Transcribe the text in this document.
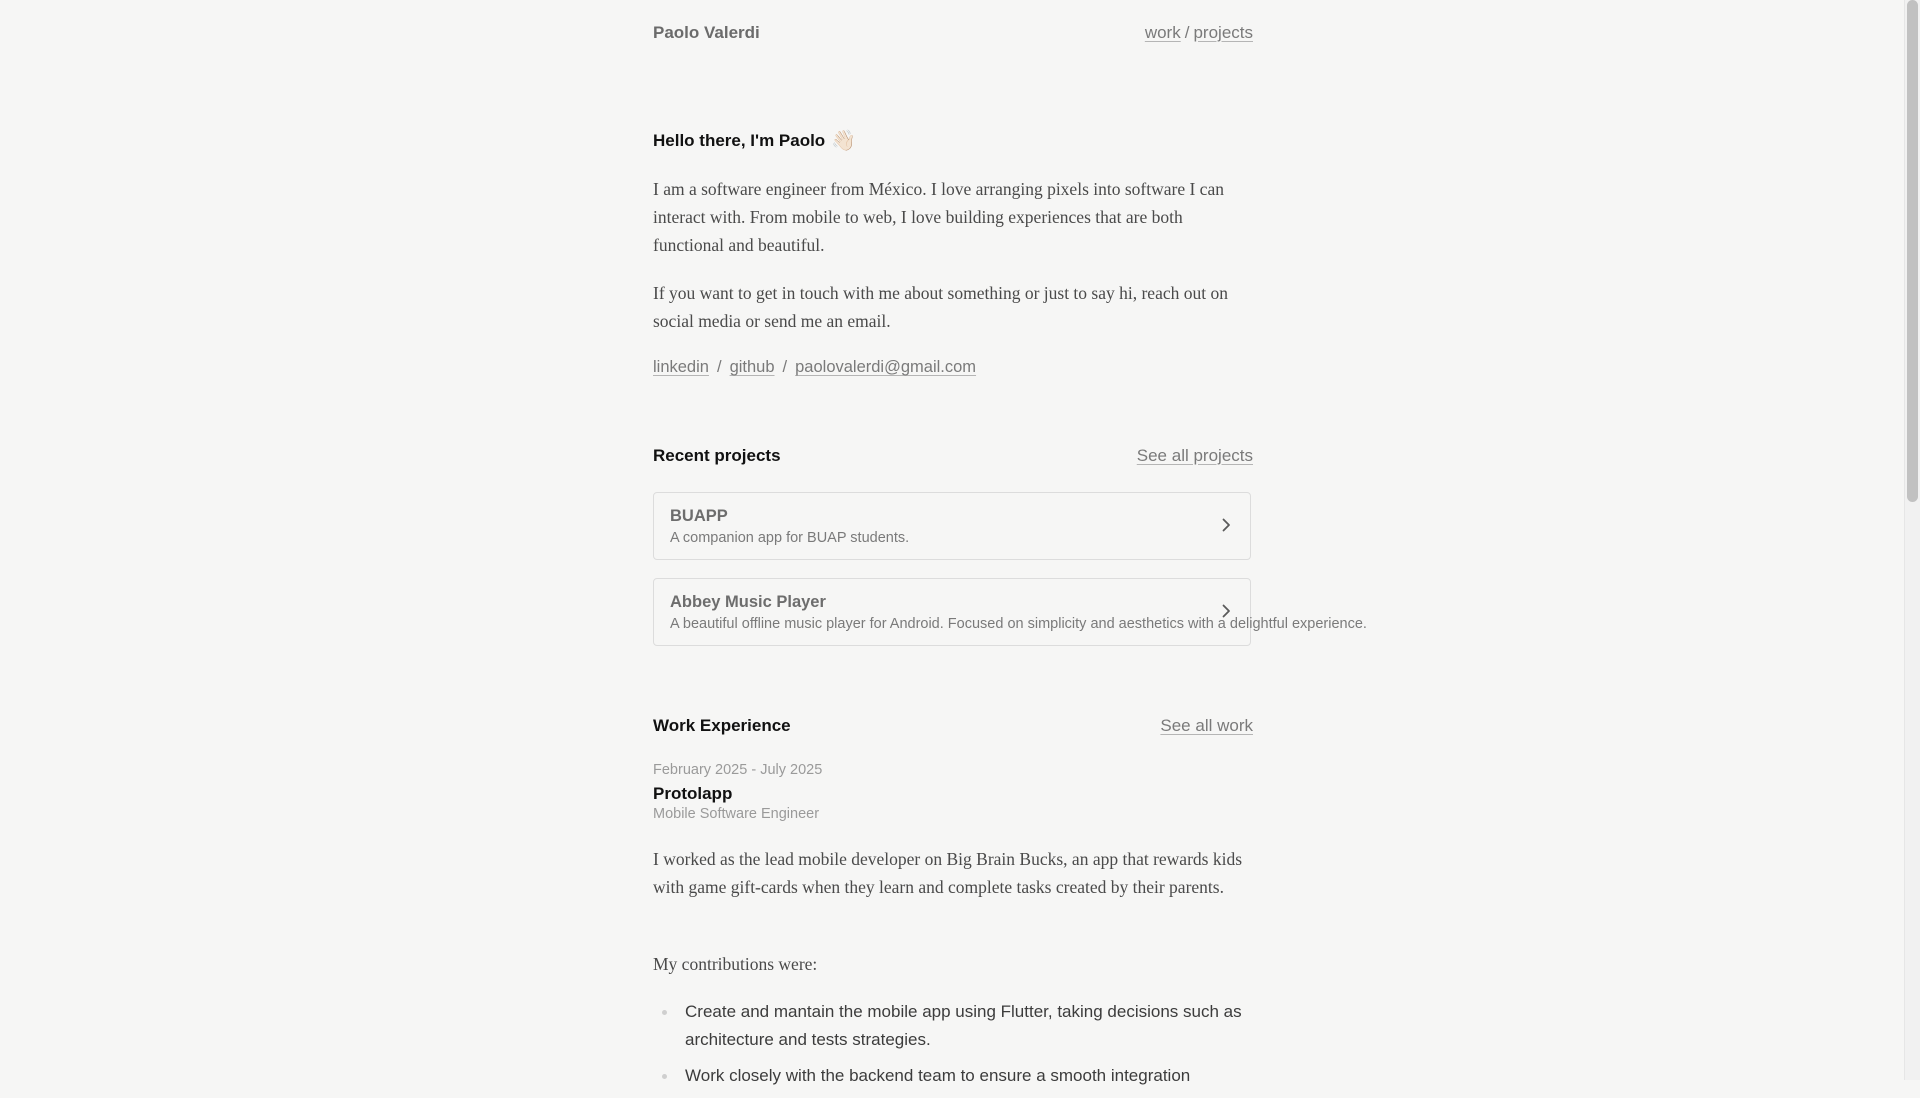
Paolo Valerdi	work / projects
Hello there, I'm Paolo 👋🏻

I am a software engineer from México. I love arranging pixels into software I can interact with. From mobile to web, I love building experiences that are both functional and beautiful.

If you want to get in touch with me about something or just to say hi, reach out on social media or send me an email.

linkedin / github / paolovalerdi@gmail.com
Recent projects	See all projects
BUAPP
A companion app for BUAP students.
Abbey Music Player
A beautiful offline music player for Android. Focused on simplicity and aesthetics with a delightful experience.
Work Experience	See all work
February 2025 - July 2025
Protolapp
Mobile Software Engineer

I worked as the lead mobile developer on Big Brain Bucks, an app that rewards kids with game gift-cards when they learn and complete tasks created by their parents.

My contributions were:

Create and mantain the mobile app using Flutter, taking decisions such as architecture and tests strategies.
Work closely with the backend team to ensure a smooth integration
